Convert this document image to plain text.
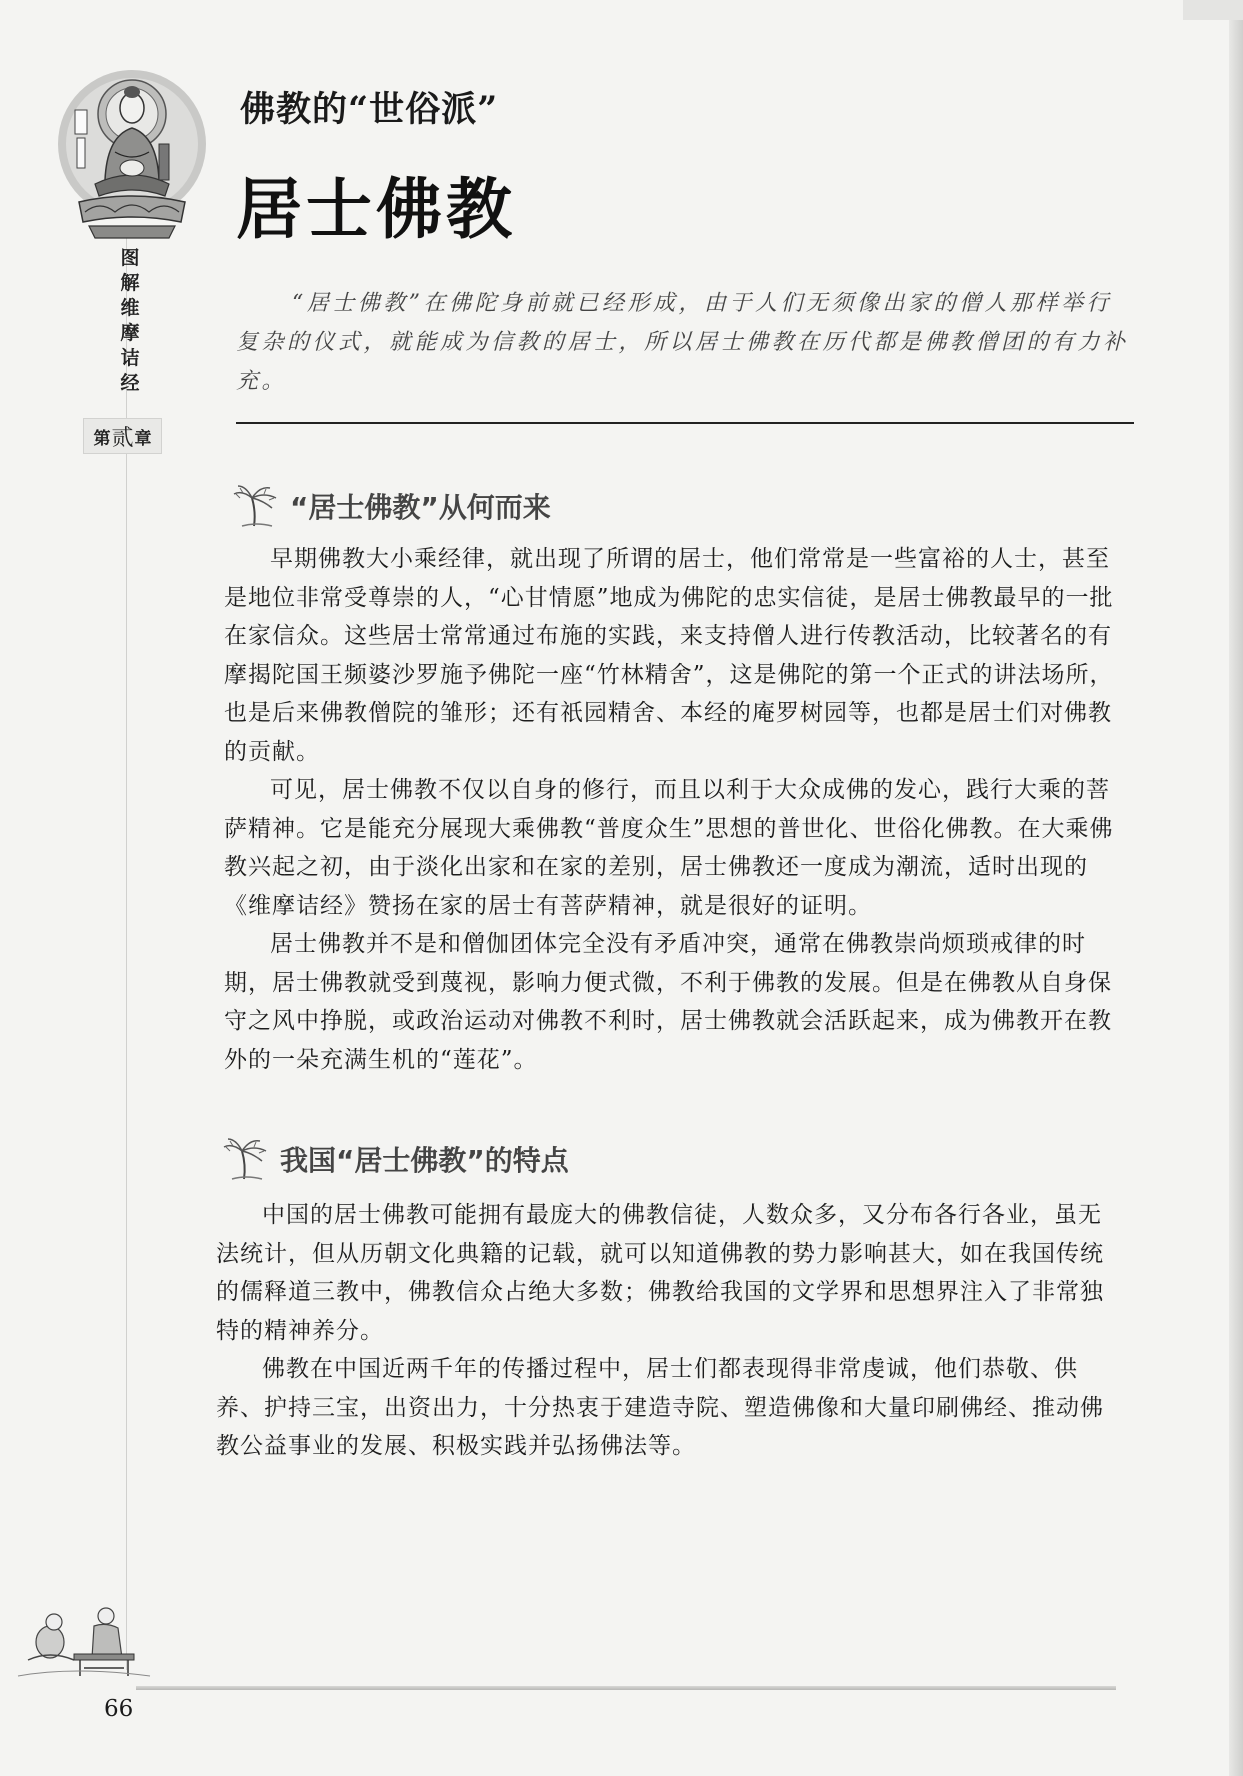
图
解
维
摩
诘
经
第 贰 章
佛教的“世俗派”
居士佛教
“居士佛教”在佛陀身前就已经形成，由于人们无须像出家的僧人那样举行复杂的仪式，就能成为信教的居士，所以居士佛教在历代都是佛教僧团的有力补充。
“居士佛教”从何而来

早期佛教大小乘经律，就出现了所谓的居士，他们常常是一些富裕的人士，甚至是地位非常受尊崇的人，“心甘情愿”地成为佛陀的忠实信徒，是居士佛教最早的一批在家信众。这些居士常常通过布施的实践，来支持僧人进行传教活动，比较著名的有摩揭陀国王频婆沙罗施予佛陀一座“竹林精舍”，这是佛陀的第一个正式的讲法场所，也是后来佛教僧院的雏形；还有祇园精舍、本经的庵罗树园等，也都是居士们对佛教的贡献。

可见，居士佛教不仅以自身的修行，而且以利于大众成佛的发心，践行大乘的菩萨精神。它是能充分展现大乘佛教“普度众生”思想的普世化、世俗化佛教。在大乘佛教兴起之初，由于淡化出家和在家的差别，居士佛教还一度成为潮流，适时出现的《维摩诘经》赞扬在家的居士有菩萨精神，就是很好的证明。

居士佛教并不是和僧伽团体完全没有矛盾冲突，通常在佛教崇尚烦琐戒律的时期，居士佛教就受到蔑视，影响力便式微，不利于佛教的发展。但是在佛教从自身保守之风中挣脱，或政治运动对佛教不利时，居士佛教就会活跃起来，成为佛教开在教外的一朵充满生机的“莲花”。

我国“居士佛教”的特点

中国的居士佛教可能拥有最庞大的佛教信徒，人数众多，又分布各行各业，虽无法统计，但从历朝文化典籍的记载，就可以知道佛教的势力影响甚大，如在我国传统的儒释道三教中，佛教信众占绝大多数；佛教给我国的文学界和思想界注入了非常独特的精神养分。

佛教在中国近两千年的传播过程中，居士们都表现得非常虔诚，他们恭敬、供养、护持三宝，出资出力，十分热衷于建造寺院、塑造佛像和大量印刷佛经、推动佛教公益事业的发展、积极实践并弘扬佛法等。

66
